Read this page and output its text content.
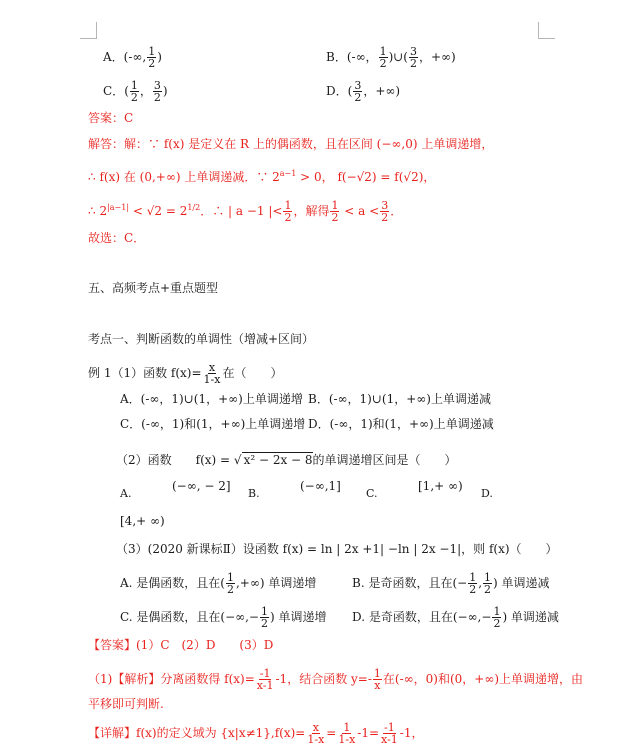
A．(-∞, $\frac{1}{2}$ )	B．(-∞， $\frac{1}{2}$ )∪( $\frac{3}{2}$ ，+∞)
C．( $\frac{1}{2}$ ， $\frac{3}{2}$ )	D．( $\frac{3}{2}$ ，+∞)
答案：C
解答：解：∵ f(x) 是定义在 R 上的偶函数，且在区间 (−∞,0) 上单调递增，
∴ f(x) 在 (0,+∞) 上单调递减．∵ $2^{a-1} > 0$， f(−√2) = f(√2)，
∴ $2^{|a-1|} < √2 = 2^{1/2}$．∴ | a −1 |< $\frac{1}{2}$ ，解得 $\frac{1}{2} < a < \frac{3}{2}$ ．
故选：C．
五、高频考点+重点题型
考点一、判断函数的单调性（增减+区间）
例 1（1）函数 $f(x)= \frac{x}{1-x}$ 在（　　）
A．(-∞，1)∪(1，+∞)上单调递增 B．(-∞，1)∪(1，+∞)上单调递减
C．(-∞，1)和(1，+∞)上单调递增 D．(-∞，1)和(1，+∞)上单调递减
（2）函数 f(x) = √ x² − 2x − 8的单调递增区间是（　　）
A.
(−∞, − 2]
B.
(−∞,1]
C.
[1,+ ∞)
D.
[4,+ ∞)
（3）(2020 新课标Ⅱ）设函数 f(x) = ln | 2x +1| −ln | 2x −1|，则 f(x)（　　）
A. 是偶函数，且在( $\frac{1}{2}$ ,+∞) 单调递增	B. 是奇函数，且在(− $\frac{1}{2}$ , $\frac{1}{2}$ ) 单调递减
C. 是偶函数，且在(−∞,− $\frac{1}{2}$ ) 单调递增 D. 是奇函数，且在(−∞,− $\frac{1}{2}$ ) 单调递减
【答案】(1）C　(2）D　　(3）D
（1)【解析】分离函数得 $f(x)= \frac{-1}{x-1} -1$，结合函数 $y=- \frac{1}{x}$ 在(-∞，0)和(0，+∞)上单调递增，由
平移即可判断.
【详解】f(x)的定义域为 $\{x|x\ne 1\},f(x)= \frac{x}{1-x} = \frac{1}{1-x} -1= \frac{-1}{x-1} -1$，
